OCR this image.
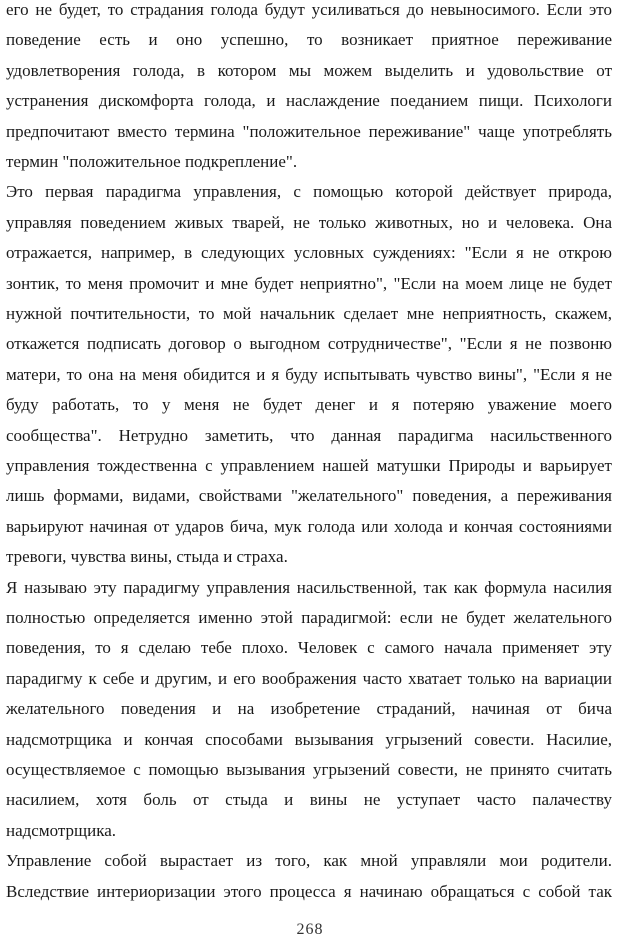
его не будет, то страдания голода будут усиливаться до невыносимого. Если это
поведение есть и оно успешно, то возникает приятное переживание
удовлетворения голода, в котором мы можем выделить и удовольствие от
устранения дискомфорта голода, и наслаждение поеданием пищи. Психологи
предпочитают вместо термина "положительное переживание" чаще употреблять
термин "положительное подкрепление".
Это первая парадигма управления, с помощью которой действует природа,
управляя поведением живых тварей, не только животных, но и человека. Она
отражается, например, в следующих условных суждениях: "Если я не открою
зонтик, то меня промочит и мне будет неприятно", "Если на моем лице не будет
нужной почтительности, то мой начальник сделает мне неприятность, скажем,
откажется подписать договор о выгодном сотрудничестве", "Если я не позвоню
матери, то она на меня обидится и я буду испытывать чувство вины", "Если я не
буду работать, то у меня не будет денег и я потеряю уважение моего
сообщества". Нетрудно заметить, что данная парадигма насильственного
управления тождественна с управлением нашей матушки Природы и варьирует
лишь формами, видами, свойствами "желательного" поведения, а переживания
варьируют начиная от ударов бича, мук голода или холода и кончая состояниями
тревоги, чувства вины, стыда и страха.
Я называю эту парадигму управления насильственной, так как формула насилия
полностью определяется именно этой парадигмой: если не будет желательного
поведения, то я сделаю тебе плохо. Человек с самого начала применяет эту
парадигму к себе и другим, и его воображения часто хватает только на вариации
желательного поведения и на изобретение страданий, начиная от бича
надсмотрщика и кончая способами вызывания угрызений совести. Насилие,
осуществляемое с помощью вызывания угрызений совести, не принято считать
насилием, хотя боль от стыда и вины не уступает часто палачеству
надсмотрщика.
Управление собой вырастает из того, как мной управляли мои родители.
Вследствие интериоризации этого процесса я начинаю обращаться с собой так
268
